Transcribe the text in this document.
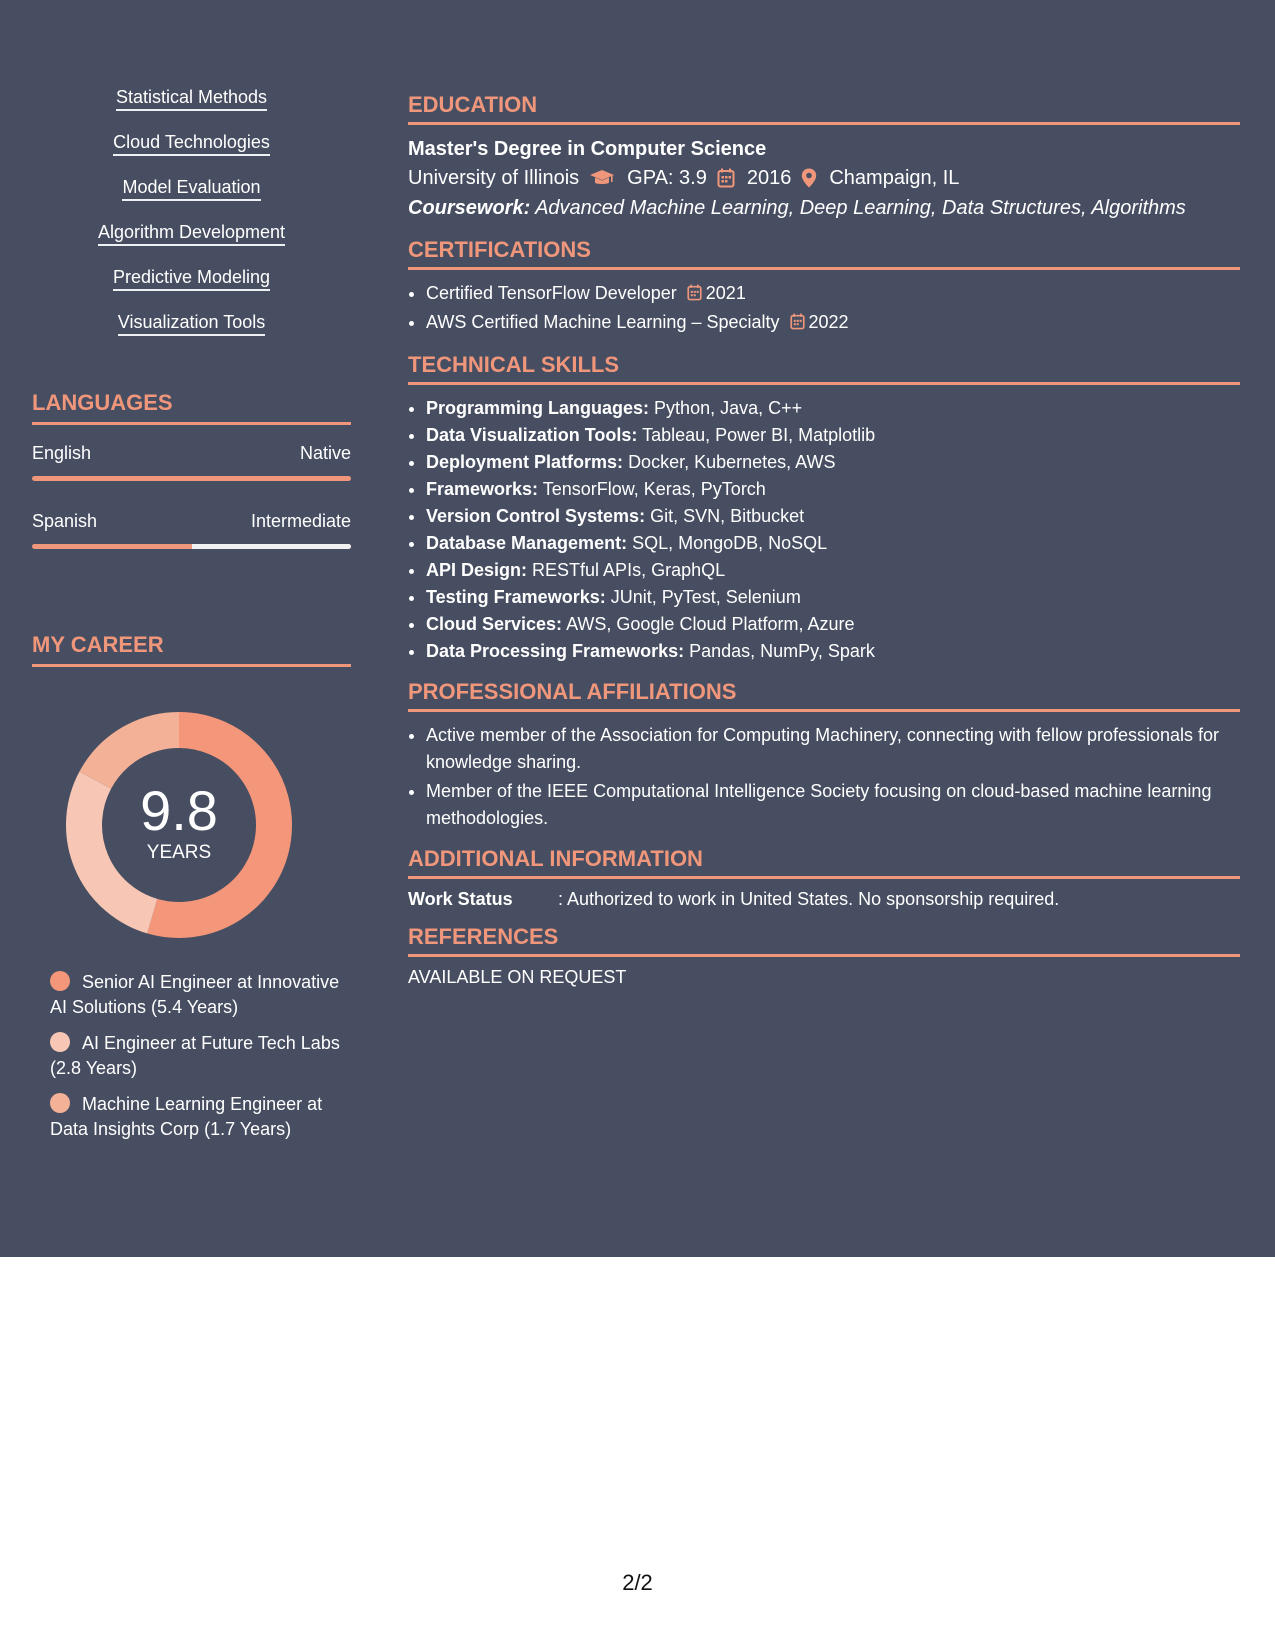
Statistical Methods
Cloud Technologies
Model Evaluation
Algorithm Development
Predictive Modeling
Visualization Tools
LANGUAGES
English	Native
Spanish	Intermediate
MY CAREER
9.8
YEARS
Senior AI Engineer at Innovative AI Solutions (5.4 Years)
AI Engineer at Future Tech Labs (2.8 Years)
Machine Learning Engineer at Data Insights Corp (1.7 Years)
EDUCATION
Master's Degree in Computer Science
University of Illinois GPA: 3.9 2016 Champaign, IL
Coursework: Advanced Machine Learning, Deep Learning, Data Structures, Algorithms
CERTIFICATIONS
• Certified TensorFlow Developer 2021
• AWS Certified Machine Learning – Specialty 2022
TECHNICAL SKILLS
• Programming Languages: Python, Java, C++
• Data Visualization Tools: Tableau, Power BI, Matplotlib
• Deployment Platforms: Docker, Kubernetes, AWS
• Frameworks: TensorFlow, Keras, PyTorch
• Version Control Systems: Git, SVN, Bitbucket
• Database Management: SQL, MongoDB, NoSQL
• API Design: RESTful APIs, GraphQL
• Testing Frameworks: JUnit, PyTest, Selenium
• Cloud Services: AWS, Google Cloud Platform, Azure
• Data Processing Frameworks: Pandas, NumPy, Spark
PROFESSIONAL AFFILIATIONS
• Active member of the Association for Computing Machinery, connecting with fellow professionals for knowledge sharing.
• Member of the IEEE Computational Intelligence Society focusing on cloud-based machine learning methodologies.
ADDITIONAL INFORMATION
Work Status	: Authorized to work in United States. No sponsorship required.
REFERENCES
AVAILABLE ON REQUEST
2/2
